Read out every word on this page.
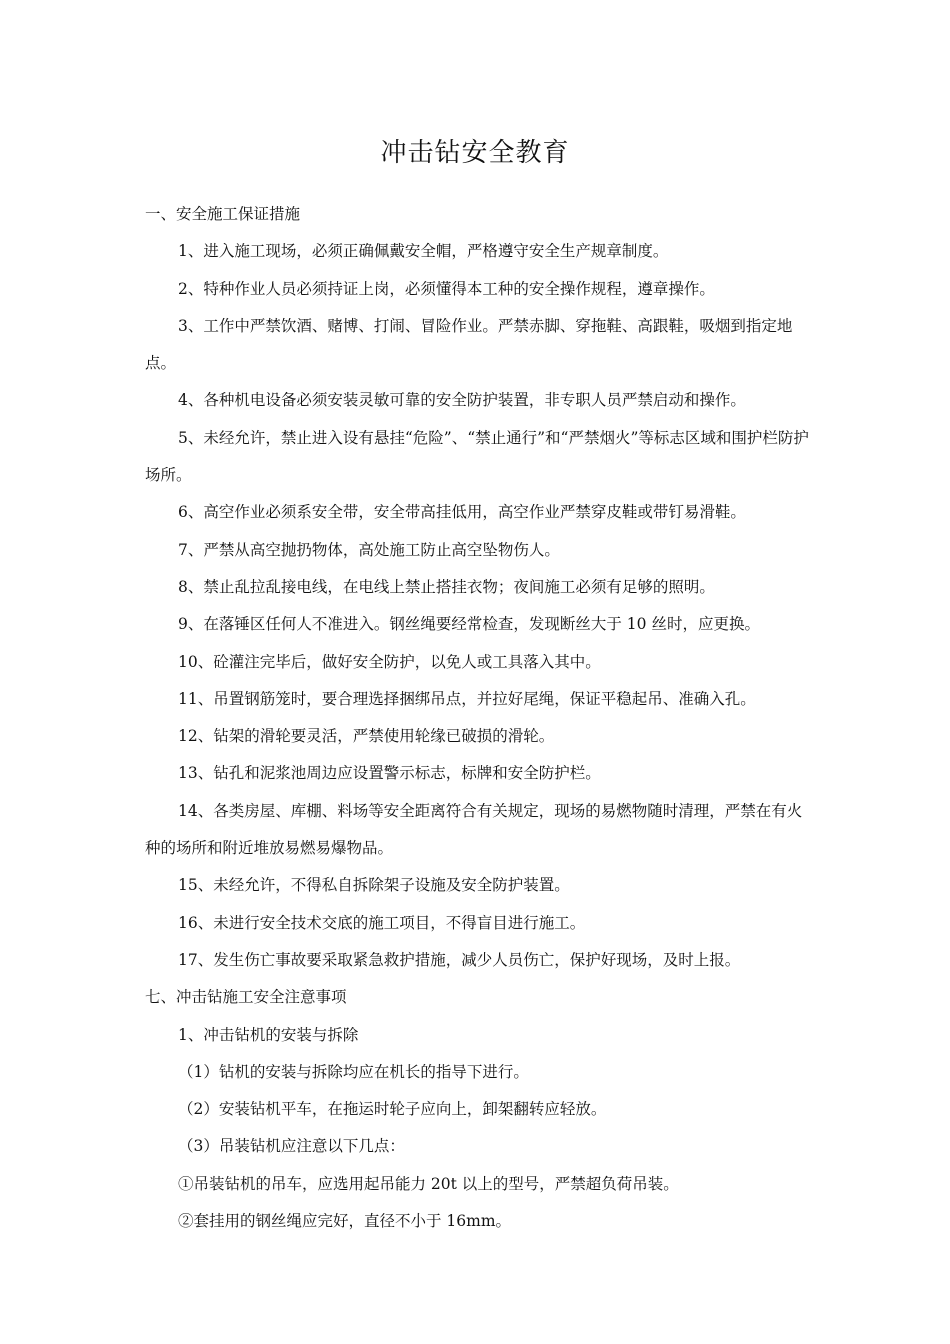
冲击钻安全教育

一、安全施工保证措施

1、进入施工现场，必须正确佩戴安全帽，严格遵守安全生产规章制度。

2、特种作业人员必须持证上岗，必须懂得本工种的安全操作规程，遵章操作。

3、工作中严禁饮酒、赌博、打闹、冒险作业。严禁赤脚、穿拖鞋、高跟鞋，吸烟到指定地点。

4、各种机电设备必须安装灵敏可靠的安全防护装置，非专职人员严禁启动和操作。

5、未经允许，禁止进入设有悬挂“危险”、“禁止通行”和“严禁烟火”等标志区域和围护栏防护场所。

6、高空作业必须系安全带，安全带高挂低用，高空作业严禁穿皮鞋或带钉易滑鞋。

7、严禁从高空抛扔物体，高处施工防止高空坠物伤人。

8、禁止乱拉乱接电线，在电线上禁止搭挂衣物；夜间施工必须有足够的照明。

9、在落锤区任何人不准进入。钢丝绳要经常检查，发现断丝大于 10 丝时，应更换。

10、砼灌注完毕后，做好安全防护，以免人或工具落入其中。

11、吊置钢筋笼时，要合理选择捆绑吊点，并拉好尾绳，保证平稳起吊、准确入孔。

12、钻架的滑轮要灵活，严禁使用轮缘已破损的滑轮。

13、钻孔和泥浆池周边应设置警示标志，标牌和安全防护栏。

14、各类房屋、库棚、料场等安全距离符合有关规定，现场的易燃物随时清理，严禁在有火种的场所和附近堆放易燃易爆物品。

15、未经允许，不得私自拆除架子设施及安全防护装置。

16、未进行安全技术交底的施工项目，不得盲目进行施工。

17、发生伤亡事故要采取紧急救护措施，减少人员伤亡，保护好现场，及时上报。

七、冲击钻施工安全注意事项

1、冲击钻机的安装与拆除

（1）钻机的安装与拆除均应在机长的指导下进行。

（2）安装钻机平车，在拖运时轮子应向上，卸架翻转应轻放。

（3）吊装钻机应注意以下几点：

①吊装钻机的吊车，应选用起吊能力 20t 以上的型号，严禁超负荷吊装。

②套挂用的钢丝绳应完好，直径不小于 16mm。
